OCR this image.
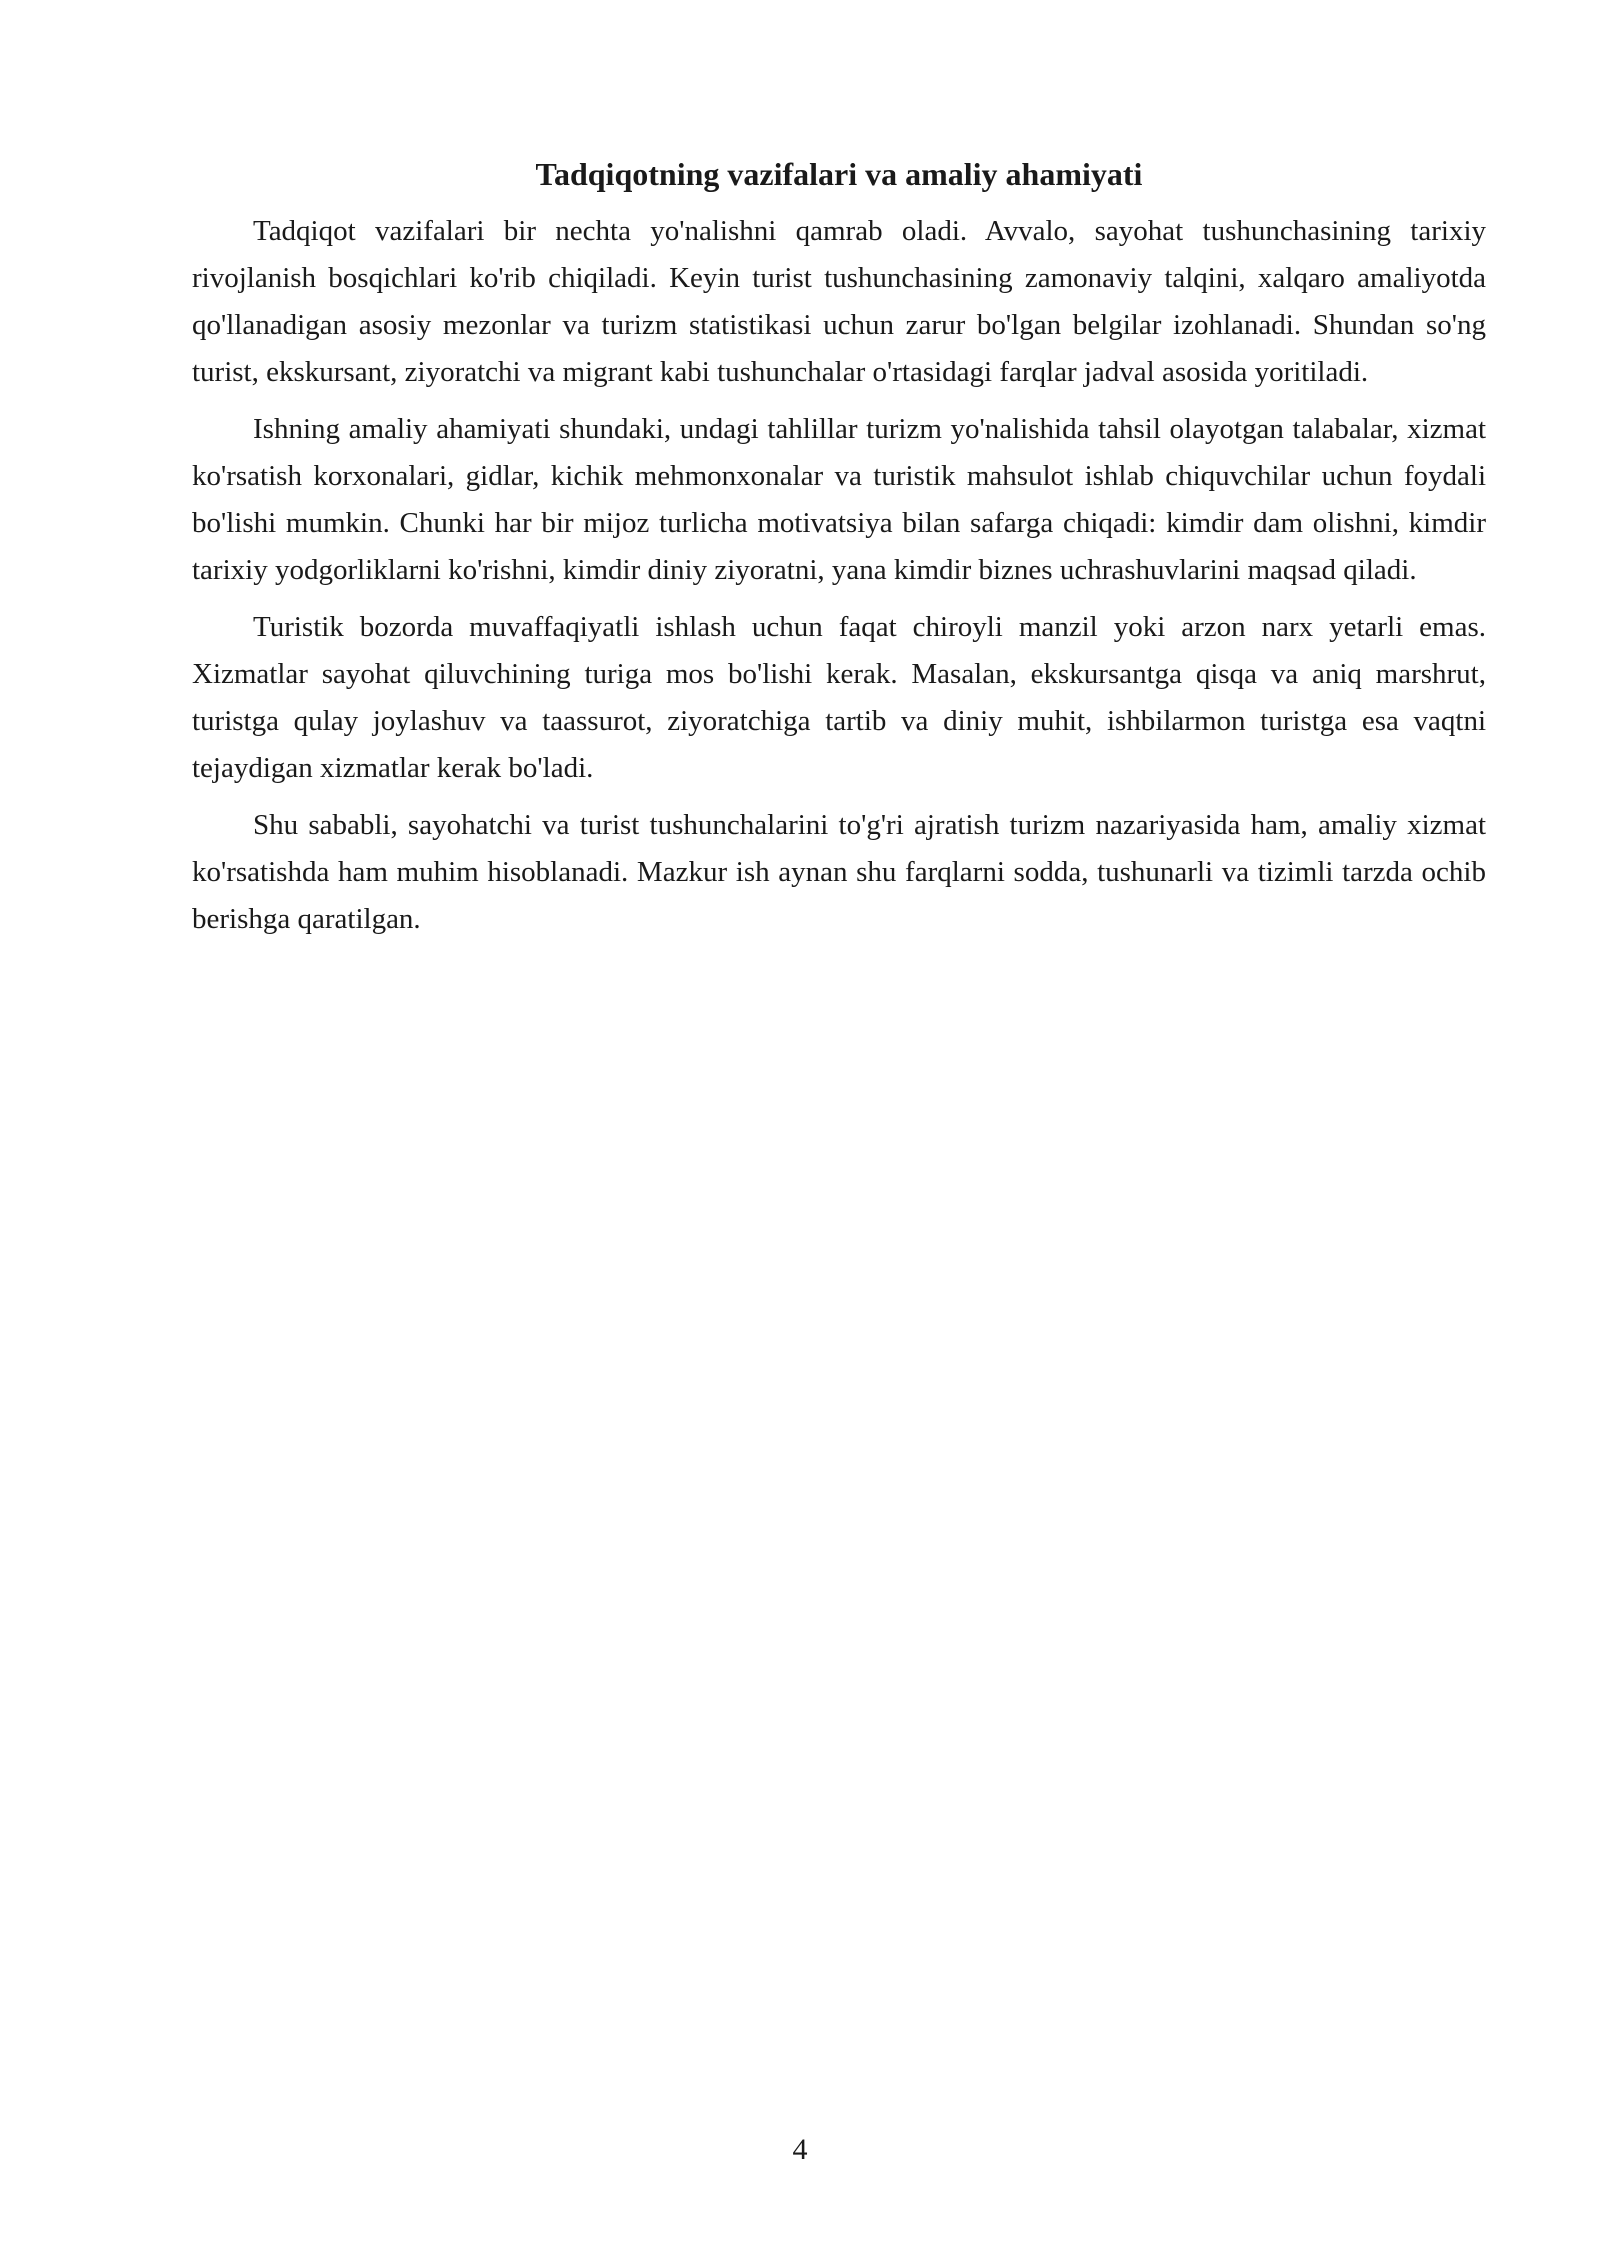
Tadqiqotning vazifalari va amaliy ahamiyati

Tadqiqot vazifalari bir nechta yo'nalishni qamrab oladi. Avvalo, sayohat tushunchasining tarixiy rivojlanish bosqichlari ko'rib chiqiladi. Keyin turist tushunchasining zamonaviy talqini, xalqaro amaliyotda qo'llanadigan asosiy mezonlar va turizm statistikasi uchun zarur bo'lgan belgilar izohlanadi. Shundan so'ng turist, ekskursant, ziyoratchi va migrant kabi tushunchalar o'rtasidagi farqlar jadval asosida yoritiladi.

Ishning amaliy ahamiyati shundaki, undagi tahlillar turizm yo'nalishida tahsil olayotgan talabalar, xizmat ko'rsatish korxonalari, gidlar, kichik mehmonxonalar va turistik mahsulot ishlab chiquvchilar uchun foydali bo'lishi mumkin. Chunki har bir mijoz turlicha motivatsiya bilan safarga chiqadi: kimdir dam olishni, kimdir tarixiy yodgorliklarni ko'rishni, kimdir diniy ziyoratni, yana kimdir biznes uchrashuvlarini maqsad qiladi.

Turistik bozorda muvaffaqiyatli ishlash uchun faqat chiroyli manzil yoki arzon narx yetarli emas. Xizmatlar sayohat qiluvchining turiga mos bo'lishi kerak. Masalan, ekskursantga qisqa va aniq marshrut, turistga qulay joylashuv va taassurot, ziyoratchiga tartib va diniy muhit, ishbilarmon turistga esa vaqtni tejaydigan xizmatlar kerak bo'ladi.

Shu sababli, sayohatchi va turist tushunchalarini to'g'ri ajratish turizm nazariyasida ham, amaliy xizmat ko'rsatishda ham muhim hisoblanadi. Mazkur ish aynan shu farqlarni sodda, tushunarli va tizimli tarzda ochib berishga qaratilgan.

4
